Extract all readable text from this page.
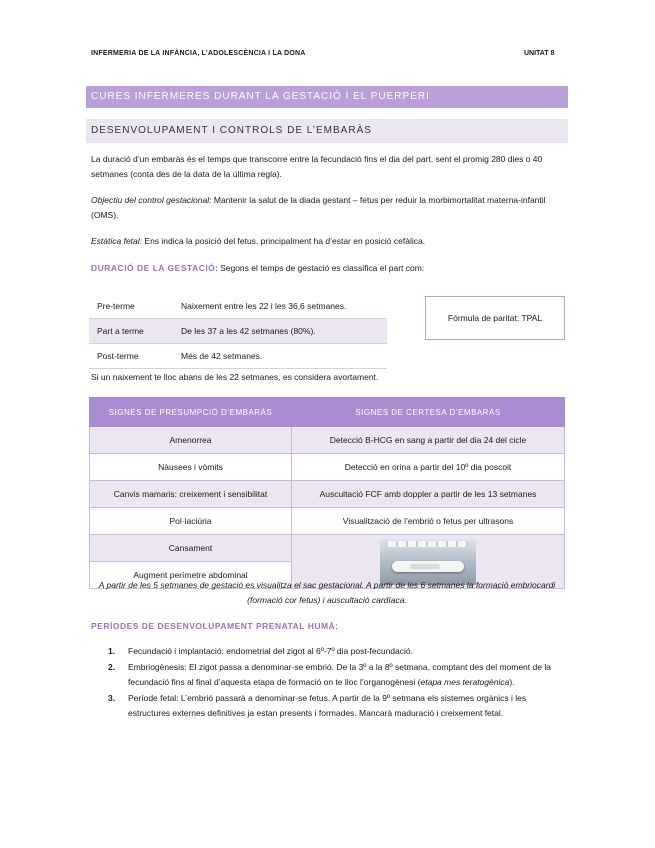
INFERMERIA DE LA INFÀNCIA, L’ADOLESCÈNCIA I LA DONA	UNITAT 8
CURES INFERMERES DURANT LA GESTACIÓ I EL PUERPERI
DESENVOLUPAMENT I CONTROLS DE L’EMBARÀS
La duració d’un embaràs és el temps que transcorre entre la fecundació fins el dia del part, sent el promig 280 dies o 40 setmanes (conta des de la data de la última regla).
Objectiu del control gestacional: Mantenir la salut de la diada gestant – fetus per reduir la morbimortalitat materna-infantil (OMS).
Estàtica fetal: Ens indica la posició del fetus, principalment ha d’estar en posició cefàlica.
DURACIÓ DE LA GESTACIÓ: Segons el temps de gestació es classifica el part com:
Pre-terme	Naixement entre les 22 i les 36,6 setmanes.
Part a terme	De les 37 a les 42 setmanes (80%).
Post-terme	Més de 42 setmanes.
Fórmula de paritat: TPAL
Si un naixement te lloc abans de les 22 setmanes, es considera avortament.
SIGNES DE PRESUMPCIÓ D’EMBARÀS	SIGNES DE CERTESA D’EMBARÀS
Amenorrea	Detecció B-HCG en sang a partir del dia 24 del cicle
Nàusees i vòmits	Detecció en orina a partir del 10º dia poscoit
Canvis mamaris: creixement i sensibilitat	Auscultació FCF amb doppler a partir de les 13 setmanes
Pol·laciúria	Visualització de l’embrió o fetus per ultrasons
Cansament	

Augment perímetre abdominal	
A partir de les 5 setmanes de gestació es visualitza el sac gestacional. A partir de les 6 setmanes la formació embriocardi (formació cor fetus) i auscultació cardíaca.
PERÍODES DE DESENVOLUPAMENT PRENATAL HUMÀ:
1. Fecundació i implantació: endometrial del zigot al 6º-7º dia post-fecundació.
2. Embriogènesis: El zigot passa a denominar-se embrió. De la 3º a la 8º setmana, comptant des del moment de la fecundació fins al final d’aquesta etapa de formació on te lloc l’organogènesi (etapa mes teratogènica).
3. Període fetal: L’embrió passarà a denominar-se fetus. A partir de la 9º setmana els sistemes orgànics i les estructures externes definitives ja estan presents i formades. Mancarà maduració i creixement fetal.
